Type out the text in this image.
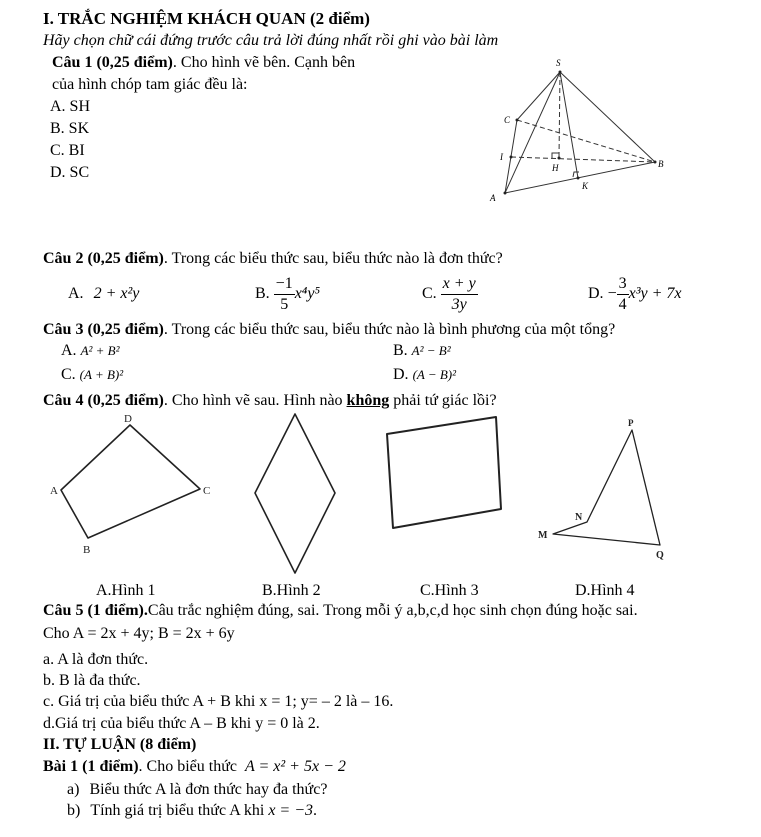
I. TRẮC NGHIỆM KHÁCH QUAN (2 điểm)
Hãy chọn chữ cái đứng trước câu trả lời đúng nhất rồi ghi vào bài làm
Câu 1 (0,25 điểm). Cho hình vẽ bên. Cạnh bên
của hình chóp tam giác đều là:
A. SH
B. SK
C. BI
D. SC
S
C
I
H	B
K
A
Câu 2 (0,25 điểm). Trong các biểu thức sau, biểu thức nào là đơn thức?
A. 2 + x²y	B. $\frac{-1}{5} x^4y^5$	C. $\frac{x + y}{3y}$	D. − $\frac{3}{4} x^3y + 7x$
Câu 3 (0,25 điểm). Trong các biểu thức sau, biểu thức nào là bình phương của một tổng?
A. A² + B²	B. A² − B²
C. (A + B)²	D. (A − B)²
Câu 4 (0,25 điểm). Cho hình vẽ sau. Hình nào không phải tứ giác lồi?
D
A	C
B
P
N
M
Q
A.Hình 1	B.Hình 2	C.Hình 3	D.Hình 4
Câu 5 (1 điểm).Câu trắc nghiệm đúng, sai. Trong mỗi ý a,b,c,d học sinh chọn đúng hoặc sai.
Cho A = 2x + 4y; B = 2x + 6y
a. A là đơn thức.
b. B là đa thức.
c. Giá trị của biểu thức A + B khi x = 1; y= – 2 là – 16.
d.Giá trị của biểu thức A – B khi y = 0 là 2.
II. TỰ LUẬN (8 điểm)
Bài 1 (1 điểm). Cho biểu thức A = x² + 5x − 2
a) Biểu thức A là đơn thức hay đa thức?
b) Tính giá trị biểu thức A khi x = −3.
